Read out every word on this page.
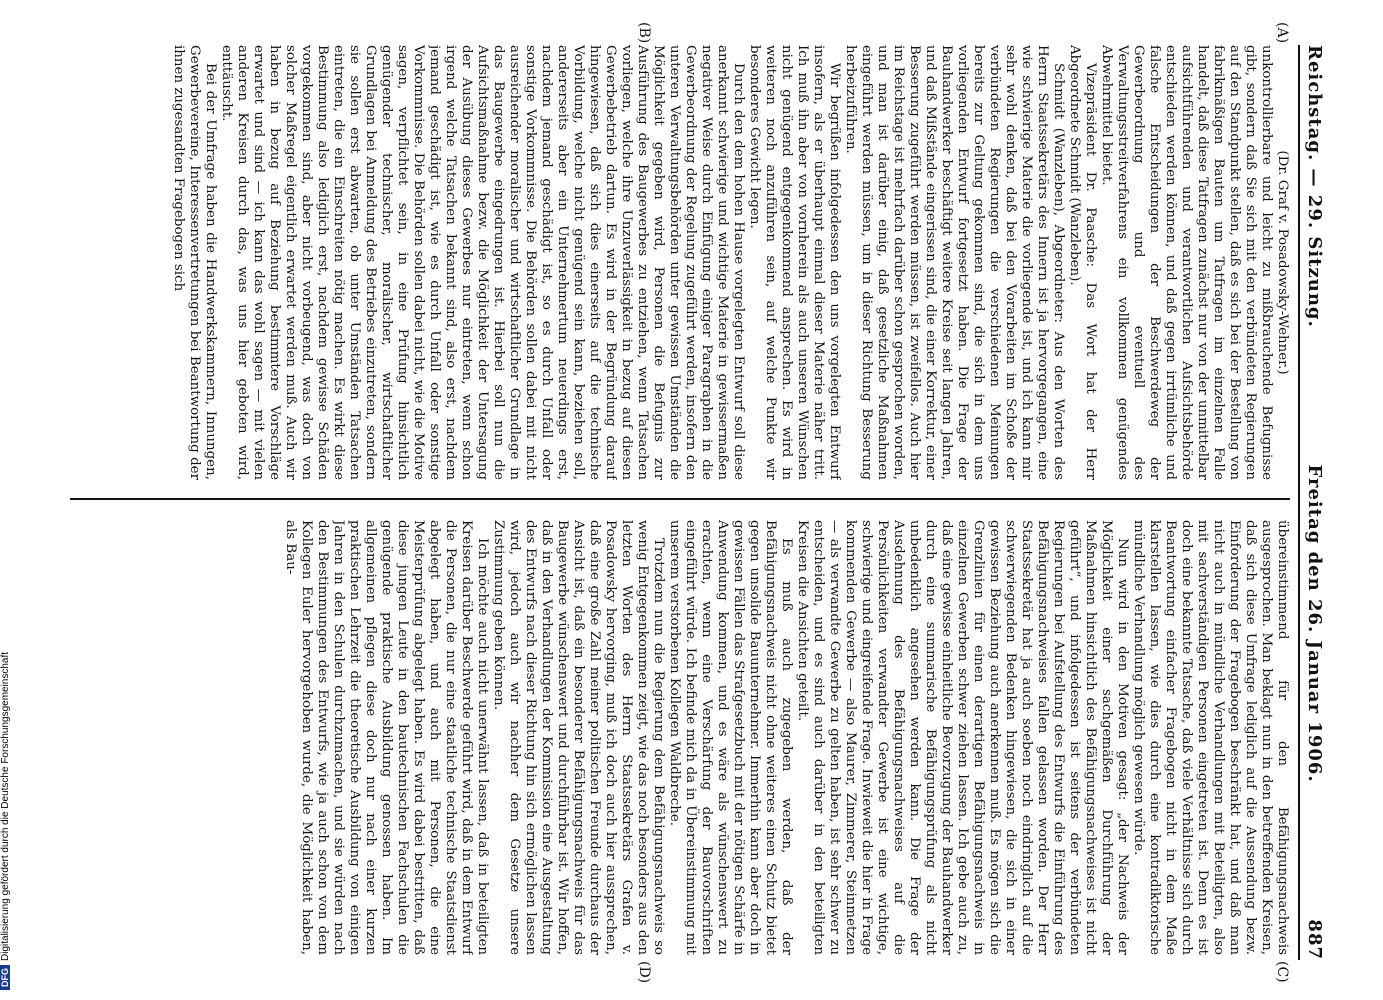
DFGDigitalisierung gefördert durch die Deutsche Forschungsgemeinschaft
Reichstag. — 29. Sitzung.
Freitag den 26. Januar 1906.
887
(A)
(B)
(C)
(D)

(Dr. Graf v. Posadowsky-Wehner.)

unkontrollierbare und leicht zu mißbrauchende Befugnisse gibt, sondern daß Sie sich mit den verbündeten Regierungen auf den Standpunkt stellen, daß es sich bei der Bestellung von fabrikmäßigen Bauten um Tatfragen im einzelnen Falle handelt, daß diese Tatfragen zunächst nur von der unmittelbar aufsichtführenden und verantwortlichen Aufsichtsbehörde entschieden werden können, und daß gegen irrtümliche und falsche Entscheidungen der Beschwerdeweg der Gewerbeordnung und eventuell des Verwaltungsstreitverfahrens ein vollkommen genügendes Abwehrmittel bietet.

Vizepräsident Dr. Paasche: Das Wort hat der Herr Abgeordnete Schmidt (Wanzleben).

Schmidt (Wanzleben), Abgeordneter: Aus den Worten des Herrn Staatssekretärs des Innern ist ja hervorgegangen, eine wie schwierige Materie die vorliegende ist, und ich kann mir sehr wohl denken, daß bei den Vorarbeiten im Schoße der verbündeten Regierungen die verschiedenen Meinungen bereits zur Geltung gekommen sind, die sich in dem uns vorliegenden Entwurf fortgesetzt haben. Die Frage der Bauhandwerker beschäftigt weitere Kreise seit langen Jahren, und daß Mißstände eingerissen sind, die einer Korrektur, einer Besserung zugeführt werden müssen, ist zweifellos. Auch hier im Reichstage ist mehrfach darüber schon gesprochen worden, und man ist darüber einig, daß gesetzliche Maßnahmen eingeführt werden müssen, um in dieser Richtung Besserung herbeizuführen.

Wir begrüßen infolgedessen den uns vorgelegten Entwurf insofern, als er überhaupt einmal dieser Materie näher tritt. Ich muß ihn aber von vornherein als auch unseren Wünschen nicht genügend entgegenkommend ansprechen. Es wird in weiteren noch anzuführen sein, auf welche Punkte wir besonderes Gewicht legen.

Durch den dem hohen Hause vorgelegten Entwurf soll diese anerkannt schwierige und wichtige Materie in gewissermaßen negativer Weise durch Einfügung einiger Paragraphen in die Gewerbeordnung der Regelung zugeführt werden, insofern den unteren Verwaltungsbehörden unter gewissen Umständen die Möglichkeit gegeben wird, Personen die Befugnis zur Ausführung des Baugewerbes zu entziehen, wenn Tatsachen vorliegen, welche ihre Unzuverlässigkeit in bezug auf diesen Gewerbebetrieb dartun. Es wird in der Begründung darauf hingewiesen, daß sich dies einerseits auf die technische Vorbildung, welche nicht genügend sein kann, beziehen soll, andererseits aber ein Unternehmertum neuerdings erst, nachdem jemand geschädigt ist, so es durch Unfall oder sonstige Vorkommnisse. Die Behörden sollen dabei mit nicht ausreichender moralischer und wirtschaftlicher Grundlage in das Baugewerbe eingedrungen ist. Hierbei soll nun die Aufsichtsmaßnahme bezw. die Möglichkeit der Untersagung der Ausübung dieses Gewerbes nur eintreten, wenn schon irgend welche Tatsachen bekannt sind, also erst, nachdem jemand geschädigt ist, wie es durch Unfall oder sonstige Vorkommnisse. Die Behörden sollen dabei nicht, wie die Motive sagen, verpflichtet sein, in eine Prüfung hinsichtlich genügender technischer, moralischer, wirtschaftlicher Grundlagen bei Anmeldung des Betriebes einzutreten, sondern sie sollen erst abwarten, ob unter Umständen Tatsachen eintreten, die ein Einschreiten nötig machen. Es wirkt diese Bestimmung also lediglich erst, nachdem gewisse Schäden vorgekommen sind, aber nicht vorbeugend, was doch von solcher Maßregel eigentlich erwartet werden muß. Auch wir haben in bezug auf Beziehung bestimmtere Vorschläge erwartet und sind — ich kann das wohl sagen — mit vielen anderen Kreisen durch das, was uns hier geboten wird, enttäuscht.

Bei der Umfrage haben die Handwerkskammern, Innungen, Gewerbevereine, Interessenvertretungen bei Beantwortung der ihnen zugesandten Fragebogen sich

übereinstimmend für den Befähigungsnachweis ausgesprochen. Man beklagt nun in den betreffenden Kreisen, daß sich diese Umfrage lediglich auf die Aussendung bezw. Einforderung der Fragebogen beschränkt hat, und daß man nicht auch in mündliche Verhandlungen mit Beteiligten, also mit sachverständigen Personen eingetreten ist. Denn es ist doch eine bekannte Tatsache, daß viele Verhältnisse sich durch Beantwortung einfacher Fragebogen nicht in dem Maße klarstellen lassen, wie dies durch eine kontradiktorische mündliche Verhandlung möglich gewesen würde.

Nun wird in den Motiven gesagt: „der Nachweis der Möglichkeit einer sachgemäßen Durchführung der Maßnahmen hinsichtlich des Befähigungsnachweises ist nicht geführt“, und infolgedessen ist seitens der verbündeten Regierungen bei Aufstellung des Entwurfs die Einführung des Befähigungsnachweises fallen gelassen worden. Der Herr Staatssekretär hat ja auch soeben noch eindringlich auf die schwerwiegenden Bedenken hingewiesen, die sich in einer gewissen Beziehung auch anerkennen muß. Es mögen sich die Grenzlinien für einen derartigen Befähigungsnachweis in einzelnen Gewerben schwer ziehen lassen. Ich gebe auch zu, daß eine gewisse einheitliche Bevorzugung der Bauhandwerker durch eine summarische Befähigungsprüfung als nicht unbedenklich angesehen werden kann. Die Frage der Ausdehnung des Befähigungsnachweises auf die Persönlichkeiten verwandter Gewerbe ist eine wichtige, schwierige und eingreifende Frage. Inwieweit die hier in Frage kommenden Gewerbe — also Maurer, Zimmerer, Steinmetzen — als verwandte Gewerbe zu gelten haben, ist sehr schwer zu entscheiden, und es sind auch darüber in den beteiligten Kreisen die Ansichten geteilt.

Es muß auch zugegeben werden, daß der Befähigungsnachweis nicht ohne weiteres einen Schutz bietet gegen unsolide Bauunternehmer. Immerhin kann aber doch in gewissen Fällen das Strafgesetzbuch mit der nötigen Schärfe in Anwendung kommen, und es wäre als wünschenswert zu erachten, wenn eine Verschärfung der Bauvorschriften eingeführt würde. Ich befinde mich da in Übereinstimmung mit unserem verstorbenen Kollegen Waldbreche.

Trotzdem nun die Regierung dem Befähigungsnachweis so wenig Entgegenkommen zeigt, wie das noch besonders aus den letzten Worten des Herrn Staatssekretärs Grafen v. Posadowsky hervorging, muß ich doch auch hier aussprechen, daß eine große Zahl meiner politischen Freunde durchaus der Ansicht ist, daß ein besonderer Befähigungsnachweis für das Baugewerbe wünschenswert und durchführbar ist. Wir hoffen, daß in den Verhandlungen der Kommission eine Ausgestaltung des Entwurfs nach dieser Richtung hin sich ermöglichen lassen wird, jedoch auch wir nachher dem Gesetze unsere Zustimmung geben können.

Ich möchte auch nicht unerwähnt lassen, daß in beteiligten Kreisen darüber Beschwerde geführt wird, daß in dem Entwurf die Personen, die nur eine staatliche technische Staatsdienst abgelegt haben, und auch mit Personen, die eine Meisterprüfung abgelegt haben. Es wird dabei bestritten, daß diese jungen Leute in den bautechnischen Fachschulen die genügende praktische Ausbildung genossen haben. Im allgemeinen pflegen diese doch nur nach einer kurzen praktischen Lehrzeit die theoretische Ausbildung von einigen Jahren in den Schulen durchzumachen, und sie würden nach den Bestimmungen des Entwurfs, wie ja auch schon von dem Kollegen Euler hervorgehoben wurde, die Möglichkeit haben, als Bau-
